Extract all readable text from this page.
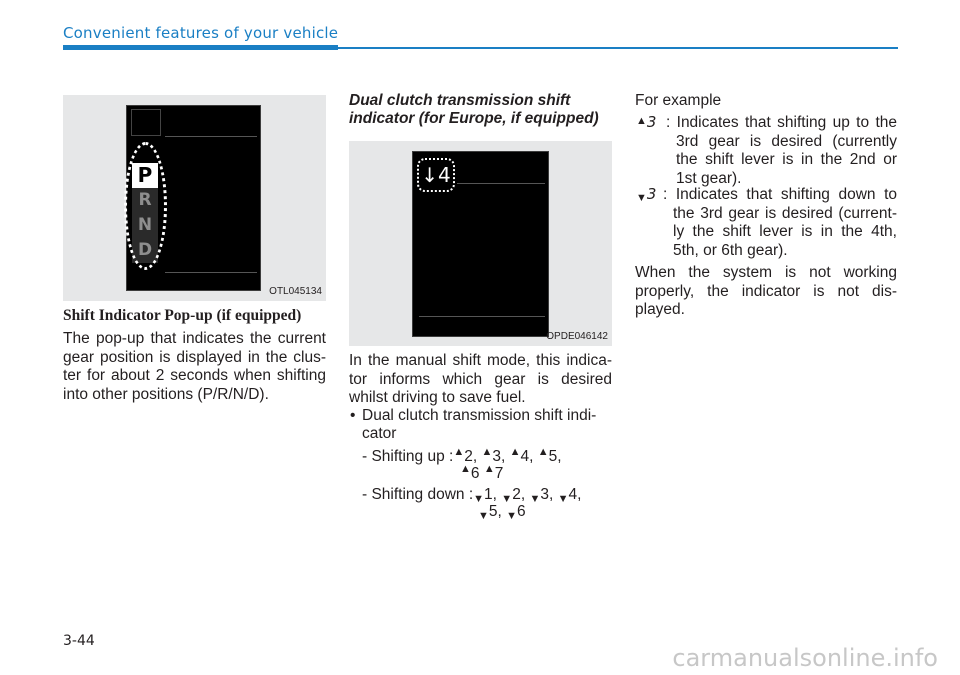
Convenient features of your vehicle
P
R
N
D
OTL045134
Shift Indicator Pop-up (if equipped)
The pop-up that indicates the current gear position is displayed in the clus-ter for about 2 seconds when shifting into other positions (P/R/N/D).
Dual clutch transmission shift
indicator (for Europe, if equipped)
↓4
OPDE046142
In the manual shift mode, this indica-tor informs which gear is desired whilst driving to save fuel.
• Dual clutch transmission shift indi-
cator
- Shifting up :▲2, ▲3, ▲4, ▲5,
▲6 ▲7
- Shifting down :▼1, ▼2, ▼3, ▼4,
▼5, ▼6
For example
▲3 : Indicates that shifting up to the 3rd gear is desired (currently the shift lever is in the 2nd or 1st gear).
▼3 : Indicates that shifting down to the 3rd gear is desired (current-ly the shift lever is in the 4th, 5th, or 6th gear).
When the system is not working properly, the indicator is not dis-played.
3-44
carmanualsonline.info
